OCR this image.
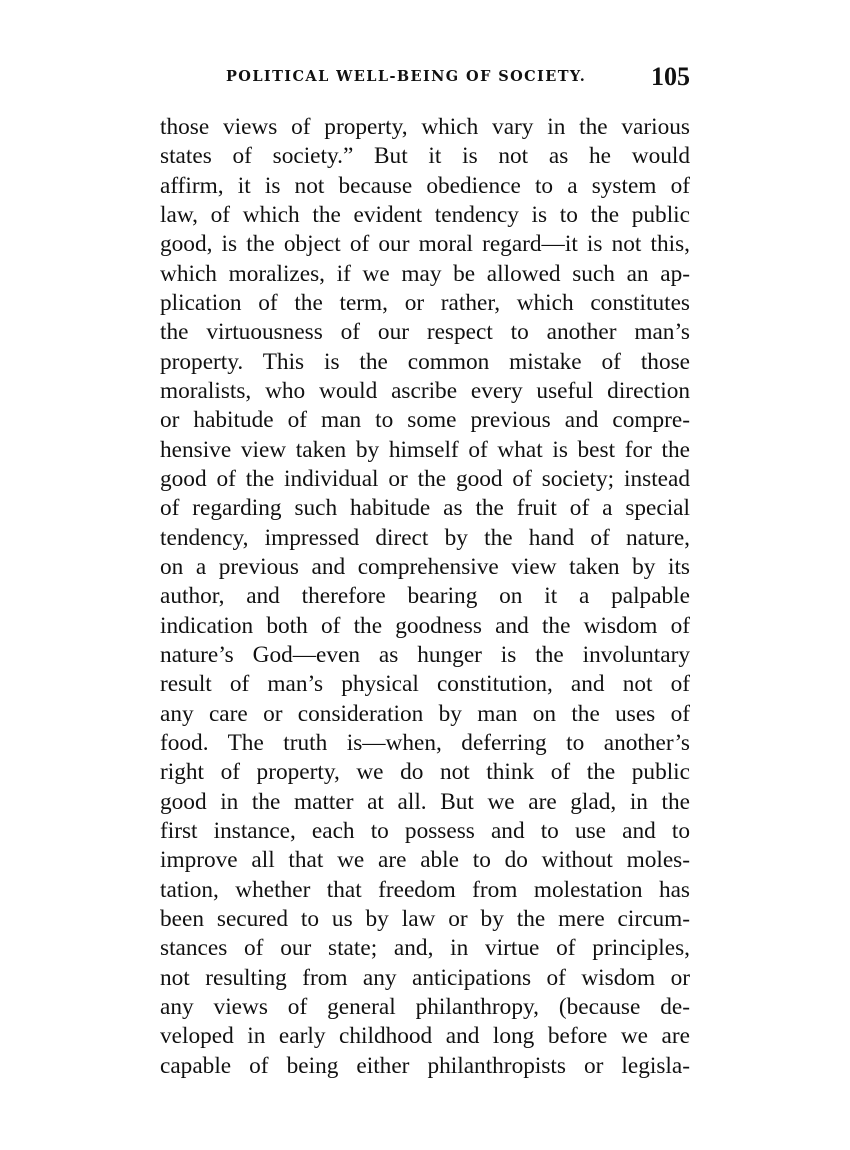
POLITICAL WELL-BEING OF SOCIETY. 105
those views of property, which vary in the various
states of society.” But it is not as he would
affirm, it is not because obedience to a system of
law, of which the evident tendency is to the public
good, is the object of our moral regard—it is not this,
which moralizes, if we may be allowed such an ap-
plication of the term, or rather, which constitutes
the virtuousness of our respect to another man’s
property. This is the common mistake of those
moralists, who would ascribe every useful direction
or habitude of man to some previous and compre-
hensive view taken by himself of what is best for the
good of the individual or the good of society; instead
of regarding such habitude as the fruit of a special
tendency, impressed direct by the hand of nature,
on a previous and comprehensive view taken by its
author, and therefore bearing on it a palpable
indication both of the goodness and the wisdom of
nature’s God—even as hunger is the involuntary
result of man’s physical constitution, and not of
any care or consideration by man on the uses of
food. The truth is—when, deferring to another’s
right of property, we do not think of the public
good in the matter at all. But we are glad, in the
first instance, each to possess and to use and to
improve all that we are able to do without moles-
tation, whether that freedom from molestation has
been secured to us by law or by the mere circum-
stances of our state; and, in virtue of principles,
not resulting from any anticipations of wisdom or
any views of general philanthropy, (because de-
veloped in early childhood and long before we are
capable of being either philanthropists or legisla-
